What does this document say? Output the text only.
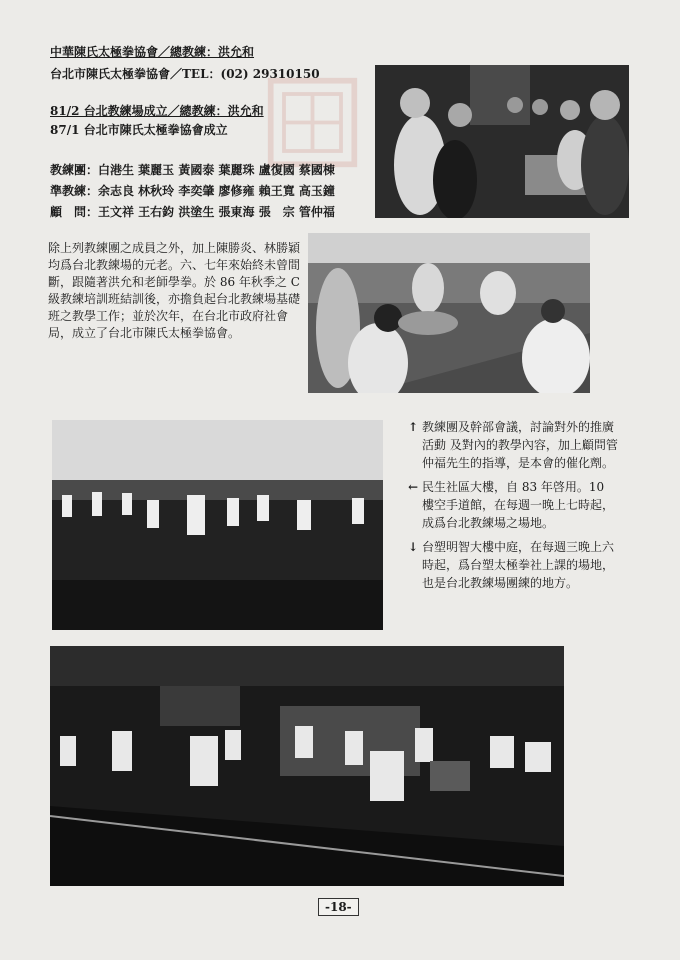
中華陳氏太極拳協會／總教練：洪允和
台北市陳氏太極拳協會／TEL：(02) 29310150
81/2 台北教練場成立／總教練：洪允和
87/1 台北市陳氏太極拳協會成立
教練團：白港生 葉麗玉 黃國泰 葉麗珠 盧復國 蔡國棟
準教練：余志良 林秋玲 李奕肇 廖修雍 賴王寬 高玉鐘
顧　問：王文祥 王右鈞 洪塗生 張東海 張　宗 管仲福

除上列教練團之成員之外，加上陳勝炎、林勝穎均爲台北教練場的元老。六、七年來始終未曾間斷，跟隨著洪允和老師學拳。於 86 年秋季之 C 級教練培訓班結訓後，亦擔負起台北教練場基礎班之教學工作；並於次年，在台北市政府社會局，成立了台北市陳氏太極拳協會。

↑ 教練團及幹部會議，討論對外的推廣活動 及對內的教學內容，加上顧問管仲福先生的指導，是本會的催化劑。
← 民生社區大樓，自 83 年啓用。10 樓空手道館，在每週一晚上七時起，成爲台北教練場之場地。
↓ 台塑明智大樓中庭，在每週三晚上六時起，爲台塑太極拳社上課的場地，也是台北教練場團練的地方。
-18-
